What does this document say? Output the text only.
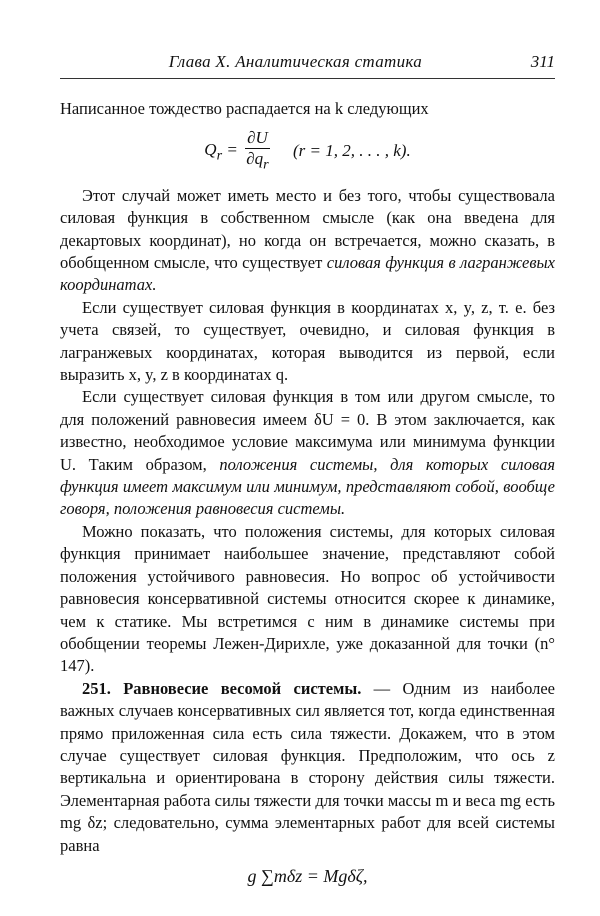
Глава X. Аналитическая статика	311

Написанное тождество распадается на k следующих

$Q_r = \frac{\partial U}{\partial q_r} (r = 1$, 2, . . . , k).

Этот случай может иметь место и без того, чтобы существовала силовая функция в собственном смысле (как она введена для декартовых координат), но когда он встречается, можно сказать, в обобщенном смысле, что существует силовая функция в лагранжевых координатах.

Если существует силовая функция в координатах x, y, z, т. е. без учета связей, то существует, очевидно, и силовая функция в лагранжевых координатах, которая выводится из первой, если выразить x, y, z в координатах q.

Если существует силовая функция в том или другом смысле, то для положений равновесия имеем δU = 0. В этом заключается, как известно, необходимое условие максимума или минимума функции U. Таким образом, положения системы, для которых силовая функция имеет максимум или минимум, представляют собой, вообще говоря, положения равновесия системы.

Можно показать, что положения системы, для которых силовая функция принимает наибольшее значение, представляют собой положения устойчивого равновесия. Но вопрос об устойчивости равновесия консервативной системы относится скорее к динамике, чем к статике. Мы встретимся с ним в динамике системы при обобщении теоремы Лежен-Дирихле, уже доказанной для точки (n° 147).

251. Равновесие весомой системы. — Одним из наиболее важных случаев консервативных сил является тот, когда единственная прямо приложенная сила есть сила тяжести. Докажем, что в этом случае существует силовая функция. Предположим, что ось z вертикальна и ориентирована в сторону действия силы тяжести. Элементарная работа силы тяжести для точки массы m и веса mg есть mg δz; следовательно, сумма элементарных работ для всей системы равна

g ∑mδz = Mgδζ,
